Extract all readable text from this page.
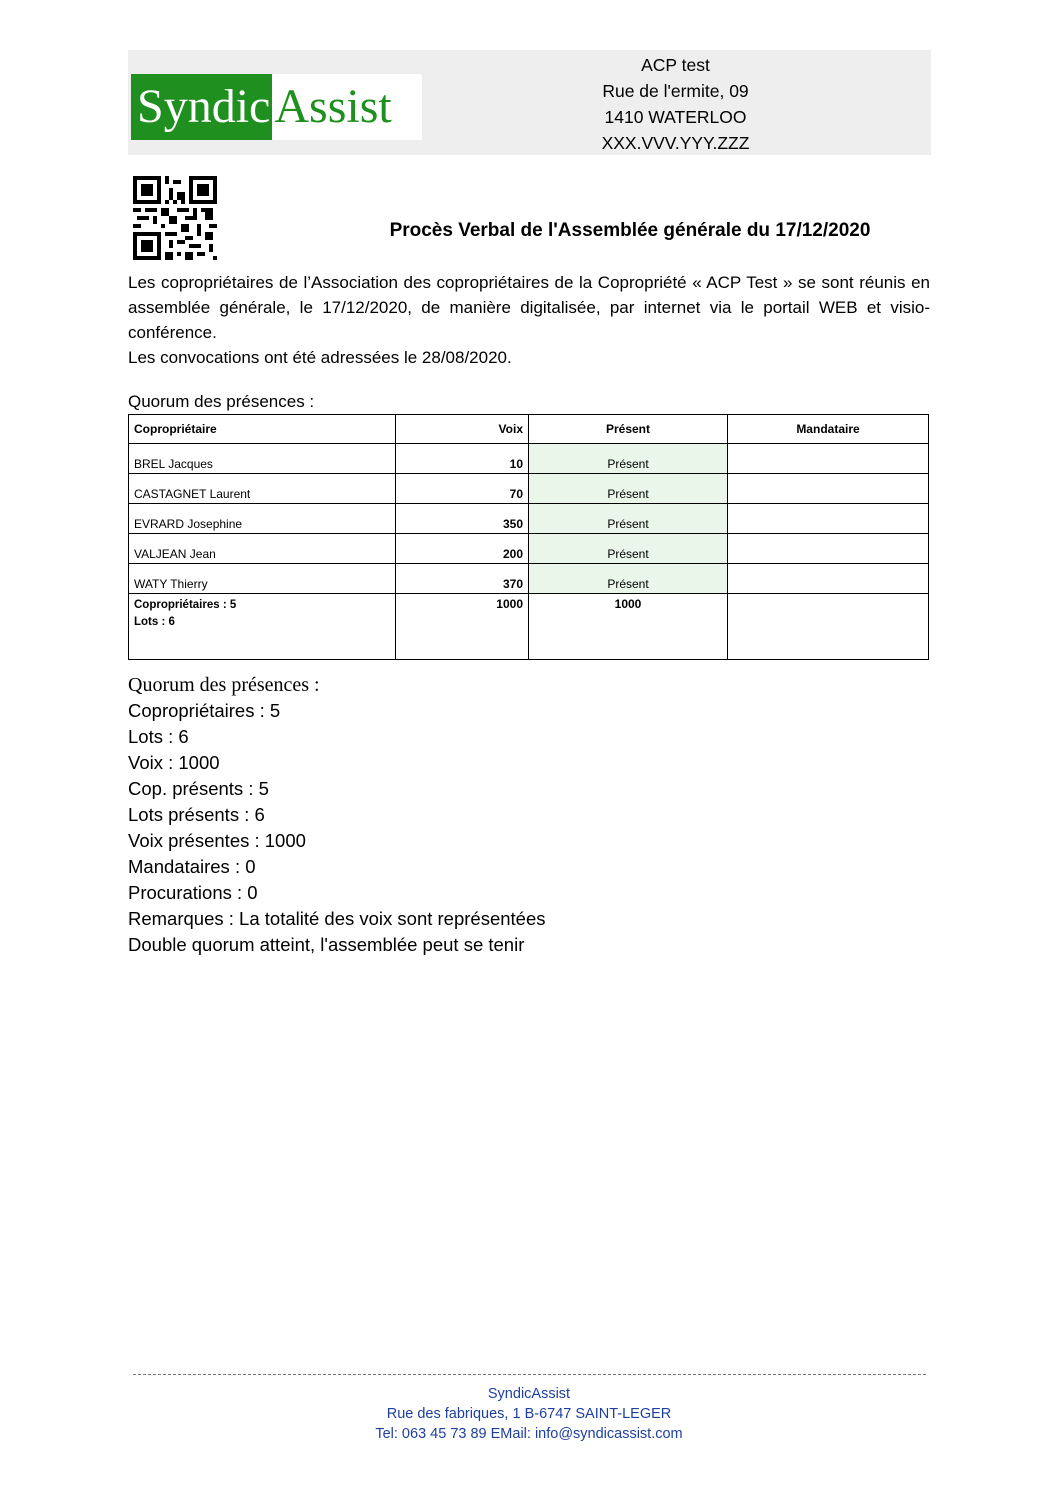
Syndic Assist
ACP test
Rue de l'ermite, 09
1410 WATERLOO
XXX.VVV.YYY.ZZZ
Procès Verbal de l'Assemblée générale du 17/12/2020

Les copropriétaires de l’Association des copropriétaires de la Copropriété « ACP Test » se sont réunis en assemblée générale, le 17/12/2020, de manière digitalisée, par internet via le portail WEB et visio-conférence.

Les convocations ont été adressées le 28/08/2020.

Quorum des présences :
Copropriétaire	Voix	Présent	Mandataire
BREL Jacques	10	Présent	
CASTAGNET Laurent	70	Présent	
EVRARD Josephine	350	Présent	
VALJEAN Jean	200	Présent	
WATY Thierry	370	Présent	

Copropriétaires : 5
Lots : 6	1000	1000	
Quorum des présences :
Copropriétaires : 5
Lots : 6
Voix : 1000
Cop. présents : 5
Lots présents : 6
Voix présentes : 1000
Mandataires : 0
Procurations : 0
Remarques : La totalité des voix sont représentées
Double quorum atteint, l'assemblée peut se tenir
SyndicAssist
Rue des fabriques, 1 B-6747 SAINT-LEGER
Tel: 063 45 73 89 EMail: info@syndicassist.com
